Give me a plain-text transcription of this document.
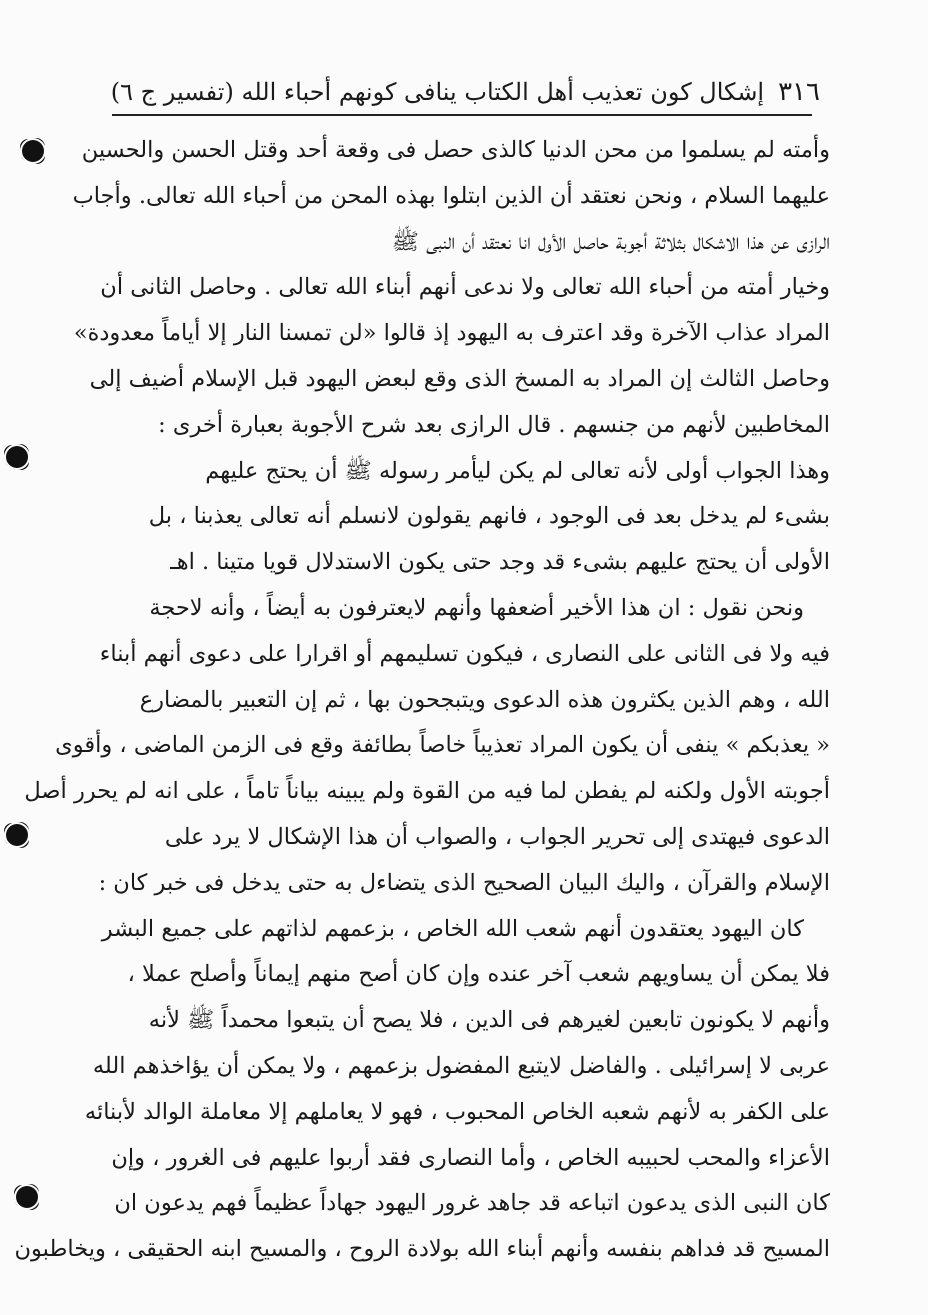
٣١٦
إشكال كون تعذيب أهل الكتاب ينافى كونهم أحباء الله (تفسير ج ٦)
وأمته لم يسلموا من محن الدنيا كالذى حصل فى وقعة أحد وقتل الحسن والحسين
عليهما السلام ، ونحن نعتقد أن الذين ابتلوا بهذه المحن من أحباء الله تعالى. وأجاب
الرازى عن هذا الاشكال بثلاثة أجوبة حاصل الأول انا نعتقد أن النبى ﷺ
وخيار أمته من أحباء الله تعالى ولا ندعى أنهم أبناء الله تعالى . وحاصل الثانى أن
المراد عذاب الآخرة وقد اعترف به اليهود إذ قالوا «لن تمسنا النار إلا أياماً معدودة»
وحاصل الثالث إن المراد به المسخ الذى وقع لبعض اليهود قبل الإسلام أضيف إلى
المخاطبين لأنهم من جنسهم . قال الرازى بعد شرح الأجوبة بعبارة أخرى :
وهذا الجواب أولى لأنه تعالى لم يكن ليأمر رسوله ﷺ أن يحتج عليهم
بشىء لم يدخل بعد فى الوجود ، فانهم يقولون لانسلم أنه تعالى يعذبنا ، بل
الأولى أن يحتج عليهم بشىء قد وجد حتى يكون الاستدلال قويا متينا . اهـ
ونحن نقول : ان هذا الأخير أضعفها وأنهم لايعترفون به أيضاً ، وأنه لاحجة
فيه ولا فى الثانى على النصارى ، فيكون تسليمهم أو اقرارا على دعوى أنهم أبناء
الله ، وهم الذين يكثرون هذه الدعوى ويتبجحون بها ، ثم إن التعبير بالمضارع
« يعذبكم » ينفى أن يكون المراد تعذيباً خاصاً بطائفة وقع فى الزمن الماضى ، وأقوى
أجوبته الأول ولكنه لم يفطن لما فيه من القوة ولم يبينه بياناً تاماً ، على انه لم يحرر أصل
الدعوى فيهتدى إلى تحرير الجواب ، والصواب أن هذا الإشكال لا يرد على
الإسلام والقرآن ، واليك البيان الصحيح الذى يتضاءل به حتى يدخل فى خبر كان :
كان اليهود يعتقدون أنهم شعب الله الخاص ، بزعمهم لذاتهم على جميع البشر
فلا يمكن أن يساويهم شعب آخر عنده وإن كان أصح منهم إيماناً وأصلح عملا ،
وأنهم لا يكونون تابعين لغيرهم فى الدين ، فلا يصح أن يتبعوا محمداً ﷺ لأنه
عربى لا إسرائيلى . والفاضل لايتبع المفضول بزعمهم ، ولا يمكن أن يؤاخذهم الله
على الكفر به لأنهم شعبه الخاص المحبوب ، فهو لا يعاملهم إلا معاملة الوالد لأبنائه
الأعزاء والمحب لحبيبه الخاص ، وأما النصارى فقد أربوا عليهم فى الغرور ، وإن
كان النبى الذى يدعون اتباعه قد جاهد غرور اليهود جهاداً عظيماً فهم يدعون ان
المسيح قد فداهم بنفسه وأنهم أبناء الله بولادة الروح ، والمسيح ابنه الحقيقى ، ويخاطبون
